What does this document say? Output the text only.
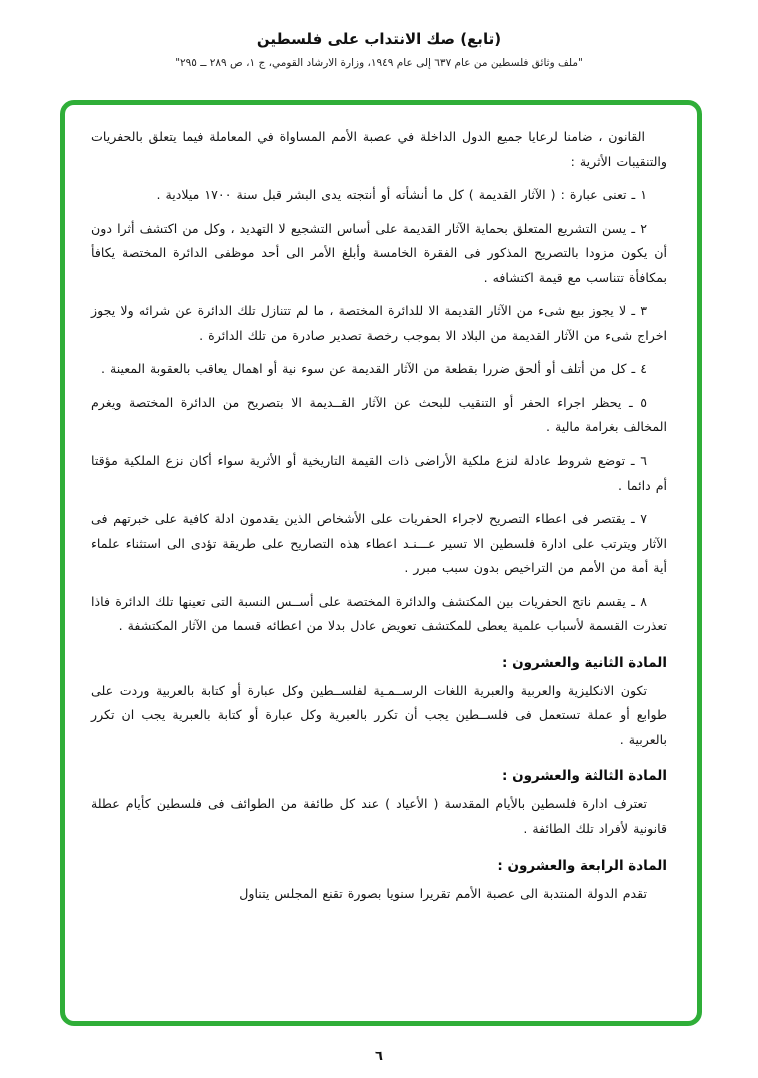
(تابع) صك الانتداب على فلسطين
"ملف وثائق فلسطين من عام ٦٣٧ إلى عام ١٩٤٩، وزارة الارشاد القومي، ج ١، ص ٢٨٩ ــ ٢٩٥"

القانون ، ضامنا لرعايا جميع الدول الداخلة في عصبة الأمم المساواة في المعاملة فيما يتعلق بالحفريات والتنقيبات الأثرية :

١ ـ تعنى عبارة : ( الآثار القديمة ) كل ما أنشأته أو أنتجته يدى البشر قبل سنة ١٧٠٠ ميلادية .

٢ ـ يسن التشريع المتعلق بحماية الآثار القديمة على أساس التشجيع لا التهديد ، وكل من اكتشف أثرا دون أن يكون مزودا بالتصريح المذكور فى الفقرة الخامسة وأبلغ الأمر الى أحد موظفى الدائرة المختصة يكافأ بمكافأة تتناسب مع قيمة اكتشافه .

٣ ـ لا يجوز بيع شىء من الآثار القديمة الا للدائرة المختصة ، ما لم تتنازل تلك الدائرة عن شرائه ولا يجوز اخراج شىء من الآثار القديمة من البلاد الا بموجب رخصة تصدير صادرة من تلك الدائرة .

٤ ـ كل من أتلف أو ألحق ضررا بقطعة من الآثار القديمة عن سوء نية أو اهمال يعاقب بالعقوبة المعينة .

٥ ـ يحظر اجراء الحفر أو التنقيب للبحث عن الآثار القــديمة الا بتصريح من الدائرة المختصة ويغرم المخالف بغرامة مالية .

٦ ـ توضع شروط عادلة لنزع ملكية الأراضى ذات القيمة التاريخية أو الأثرية سواء أكان نزع الملكية مؤقتا أم دائما .

٧ ـ يقتصر فى اعطاء التصريح لاجراء الحفريات على الأشخاص الذين يقدمون ادلة كافية على خبرتهم فى الآثار ويترتب على ادارة فلسطين الا تسير عـــنـد اعطاء هذه التصاريح على طريقة تؤدى الى استثناء علماء أية أمة من الأمم من التراخيص بدون سبب مبرر .

٨ ـ يقسم ناتج الحفريات بين المكتشف والدائرة المختصة على أســس النسبة التى تعينها تلك الدائرة فاذا تعذرت القسمة لأسباب علمية يعطى للمكتشف تعويض عادل بدلا من اعطائه قسما من الآثار المكتشفة .

المادة الثانية والعشرون :

تكون الانكليزية والعربية والعبرية اللغات الرســمـية لفلســطين وكل عبارة أو كتابة بالعربية وردت على طوابع أو عملة تستعمل فى فلســطين يجب أن تكرر بالعبرية وكل عبارة أو كتابة بالعبرية يجب ان تكرر بالعربية .

المادة الثالثة والعشرون :

تعترف ادارة فلسطين بالأيام المقدسة ( الأعياد ) عند كل طائفة من الطوائف فى فلسطين كأيام عطلة قانونية لأفراد تلك الطائفة .

المادة الرابعة والعشرون :

تقدم الدولة المنتدبة الى عصبة الأمم تقريرا سنويا بصورة تقنع المجلس يتناول

٦
